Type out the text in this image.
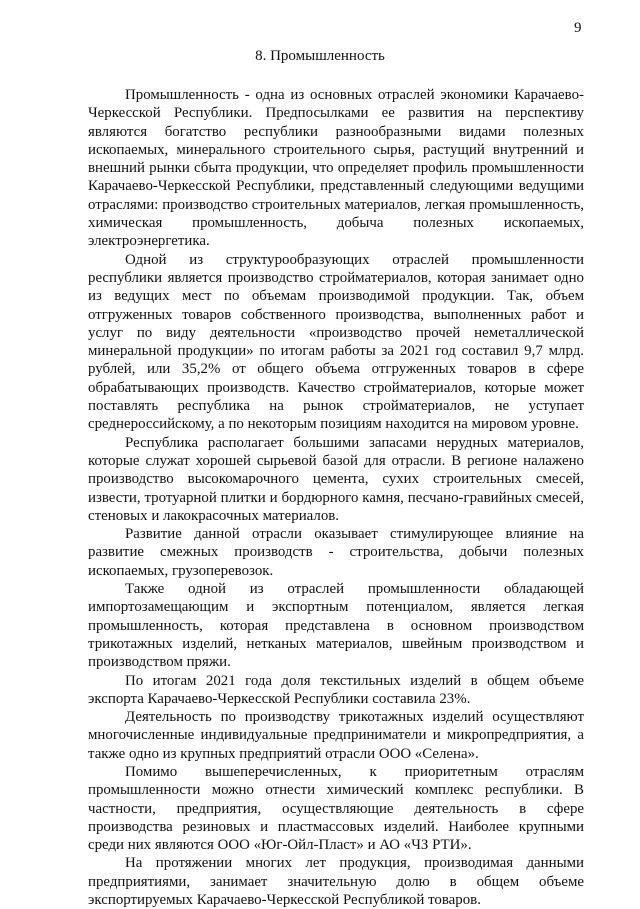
9
8. Промышленность

Промышленность - одна из основных отраслей экономики Карачаево-Черкесской Республики. Предпосылками ее развития на перспективу являются богатство республики разнообразными видами полезных ископаемых, минерального строительного сырья, растущий внутренний и внешний рынки сбыта продукции, что определяет профиль промышленности Карачаево-Черкесской Республики, представленный следующими ведущими отраслями: производство строительных материалов, легкая промышленность, химическая промышленность, добыча полезных ископаемых, электроэнергетика.

Одной из структурообразующих отраслей промышленности республики является производство стройматериалов, которая занимает одно из ведущих мест по объемам производимой продукции. Так, объем отгруженных товаров собственного производства, выполненных работ и услуг по виду деятельности «производство прочей неметаллической минеральной продукции» по итогам работы за 2021 год составил 9,7 млрд. рублей, или 35,2% от общего объема отгруженных товаров в сфере обрабатывающих производств. Качество стройматериалов, которые может поставлять республика на рынок стройматериалов, не уступает среднероссийскому, а по некоторым позициям находится на мировом уровне.

Республика располагает большими запасами нерудных материалов, которые служат хорошей сырьевой базой для отрасли. В регионе налажено производство высокомарочного цемента, сухих строительных смесей, извести, тротуарной плитки и бордюрного камня, песчано-гравийных смесей, стеновых и лакокрасочных материалов.

Развитие данной отрасли оказывает стимулирующее влияние на развитие смежных производств - строительства, добычи полезных ископаемых, грузоперевозок.

Также одной из отраслей промышленности обладающей импортозамещающим и экспортным потенциалом, является легкая промышленность, которая представлена в основном производством трикотажных изделий, нетканых материалов, швейным производством и производством пряжи.

По итогам 2021 года доля текстильных изделий в общем объеме экспорта Карачаево-Черкесской Республики составила 23%.

Деятельность по производству трикотажных изделий осуществляют многочисленные индивидуальные предприниматели и микропредприятия, а также одно из крупных предприятий отрасли ООО «Селена».

Помимо вышеперечисленных, к приоритетным отраслям промышленности можно отнести химический комплекс республики. В частности, предприятия, осуществляющие деятельность в сфере производства резиновых и пластмассовых изделий. Наиболее крупными среди них являются ООО «Юг-Ойл-Пласт» и АО «ЧЗ РТИ».

На протяжении многих лет продукция, производимая данными предприятиями, занимает значительную долю в общем объеме экспортируемых Карачаево-Черкесской Республикой товаров.
